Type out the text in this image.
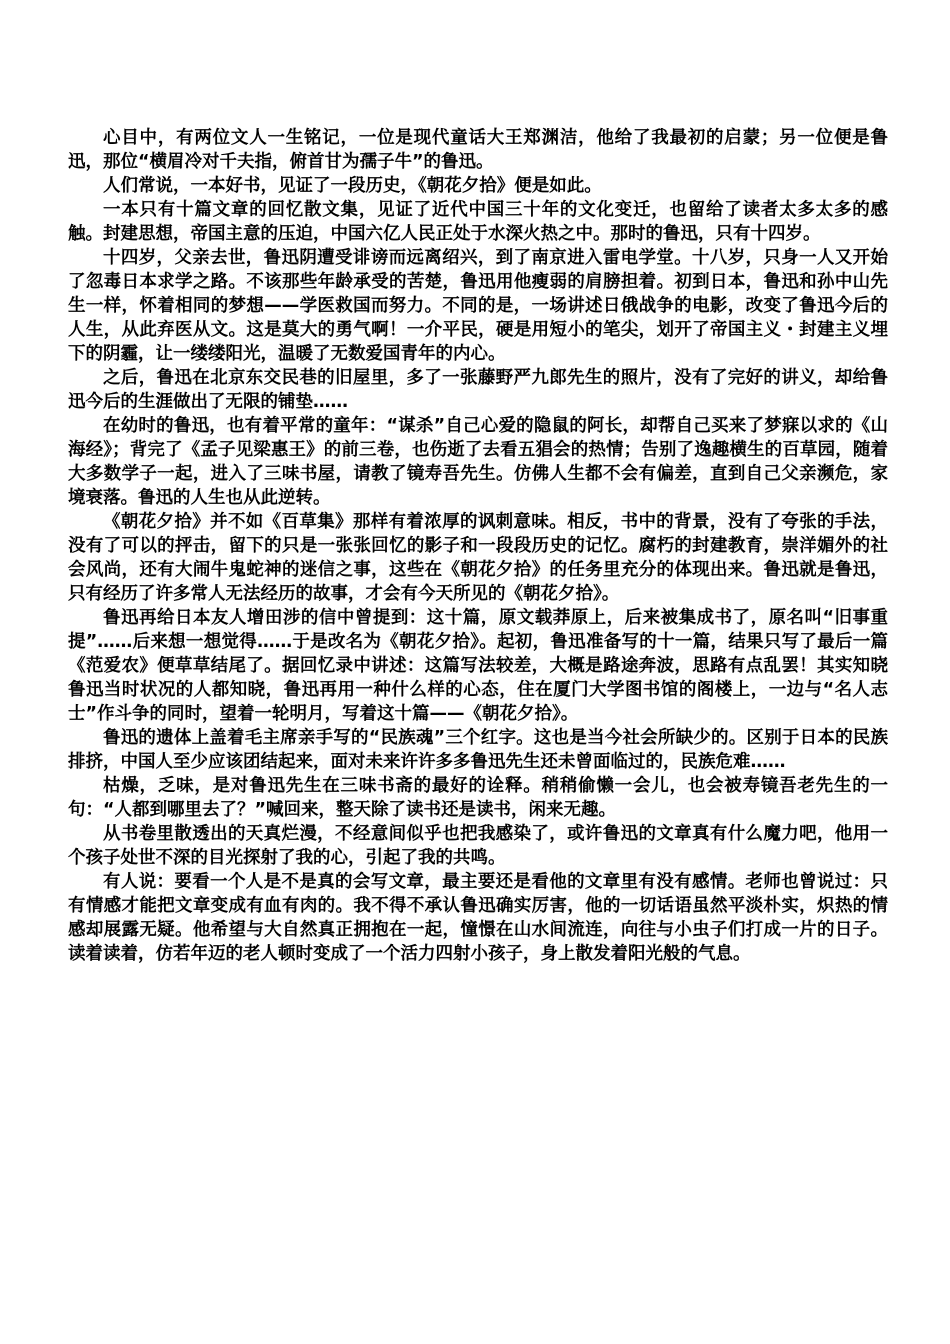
心目中，有两位文人一生铭记，一位是现代童话大王郑渊洁，他给了我最初的启蒙；另一位便是鲁迅，那位“横眉冷对千夫指，俯首甘为孺子牛”的鲁迅。

人们常说，一本好书，见证了一段历史，《朝花夕拾》便是如此。

一本只有十篇文章的回忆散文集，见证了近代中国三十年的文化变迁，也留给了读者太多太多的感触。封建思想，帝国主意的压迫，中国六亿人民正处于水深火热之中。那时的鲁迅，只有十四岁。

十四岁，父亲去世，鲁迅阴遭受诽谤而远离绍兴，到了南京进入雷电学堂。十八岁，只身一人又开始了忽毒日本求学之路。不该那些年龄承受的苦楚，鲁迅用他瘦弱的肩膀担着。初到日本，鲁迅和孙中山先生一样，怀着相同的梦想——学医救国而努力。不同的是，一场讲述日俄战争的电影，改变了鲁迅今后的人生，从此弃医从文。这是莫大的勇气啊！一介平民，硬是用短小的笔尖，划开了帝国主义・封建主义埋下的阴霾，让一缕缕阳光，温暖了无数爱国青年的内心。

之后，鲁迅在北京东交民巷的旧屋里，多了一张藤野严九郎先生的照片，没有了完好的讲义，却给鲁迅今后的生涯做出了无限的铺垫……

在幼时的鲁迅，也有着平常的童年：“谋杀”自己心爱的隐鼠的阿长，却帮自己买来了梦寐以求的《山海经》；背完了《孟子见梁惠王》的前三卷，也伤逝了去看五猖会的热情；告别了逸趣横生的百草园，随着大多数学子一起，进入了三味书屋，请教了镜寿吾先生。仿佛人生都不会有偏差，直到自己父亲濒危，家境衰落。鲁迅的人生也从此逆转。

《朝花夕拾》并不如《百草集》那样有着浓厚的讽刺意味。相反，书中的背景，没有了夸张的手法，没有了可以的抨击，留下的只是一张张回忆的影子和一段段历史的记忆。腐朽的封建教育，崇洋媚外的社会风尚，还有大闹牛鬼蛇神的迷信之事，这些在《朝花夕拾》的任务里充分的体现出来。鲁迅就是鲁迅，只有经历了许多常人无法经历的故事，才会有今天所见的《朝花夕拾》。

鲁迅再给日本友人增田涉的信中曾提到：这十篇，原文载莽原上，后来被集成书了，原名叫“旧事重提”……后来想一想觉得……于是改名为《朝花夕拾》。起初，鲁迅准备写的十一篇，结果只写了最后一篇《范爱农》便草草结尾了。据回忆录中讲述：这篇写法较差，大概是路途奔波，思路有点乱罢！其实知晓鲁迅当时状况的人都知晓，鲁迅再用一种什么样的心态，住在厦门大学图书馆的阁楼上，一边与“名人志士”作斗争的同时，望着一轮明月，写着这十篇——《朝花夕拾》。

鲁迅的遗体上盖着毛主席亲手写的“民族魂”三个红字。这也是当今社会所缺少的。区别于日本的民族排挤，中国人至少应该团结起来，面对未来许许多多鲁迅先生还未曾面临过的，民族危难……

枯燥，乏味，是对鲁迅先生在三味书斋的最好的诠释。稍稍偷懒一会儿，也会被寿镜吾老先生的一句：“人都到哪里去了？”喊回来，整天除了读书还是读书，闲来无趣。

从书卷里散透出的天真烂漫，不经意间似乎也把我感染了，或许鲁迅的文章真有什么魔力吧，他用一个孩子处世不深的目光探射了我的心，引起了我的共鸣。

有人说：要看一个人是不是真的会写文章，最主要还是看他的文章里有没有感情。老师也曾说过：只有情感才能把文章变成有血有肉的。我不得不承认鲁迅确实厉害，他的一切话语虽然平淡朴实，炽热的情感却展露无疑。他希望与大自然真正拥抱在一起，憧憬在山水间流连，向往与小虫子们打成一片的日子。读着读着，仿若年迈的老人顿时变成了一个活力四射小孩子，身上散发着阳光般的气息。
